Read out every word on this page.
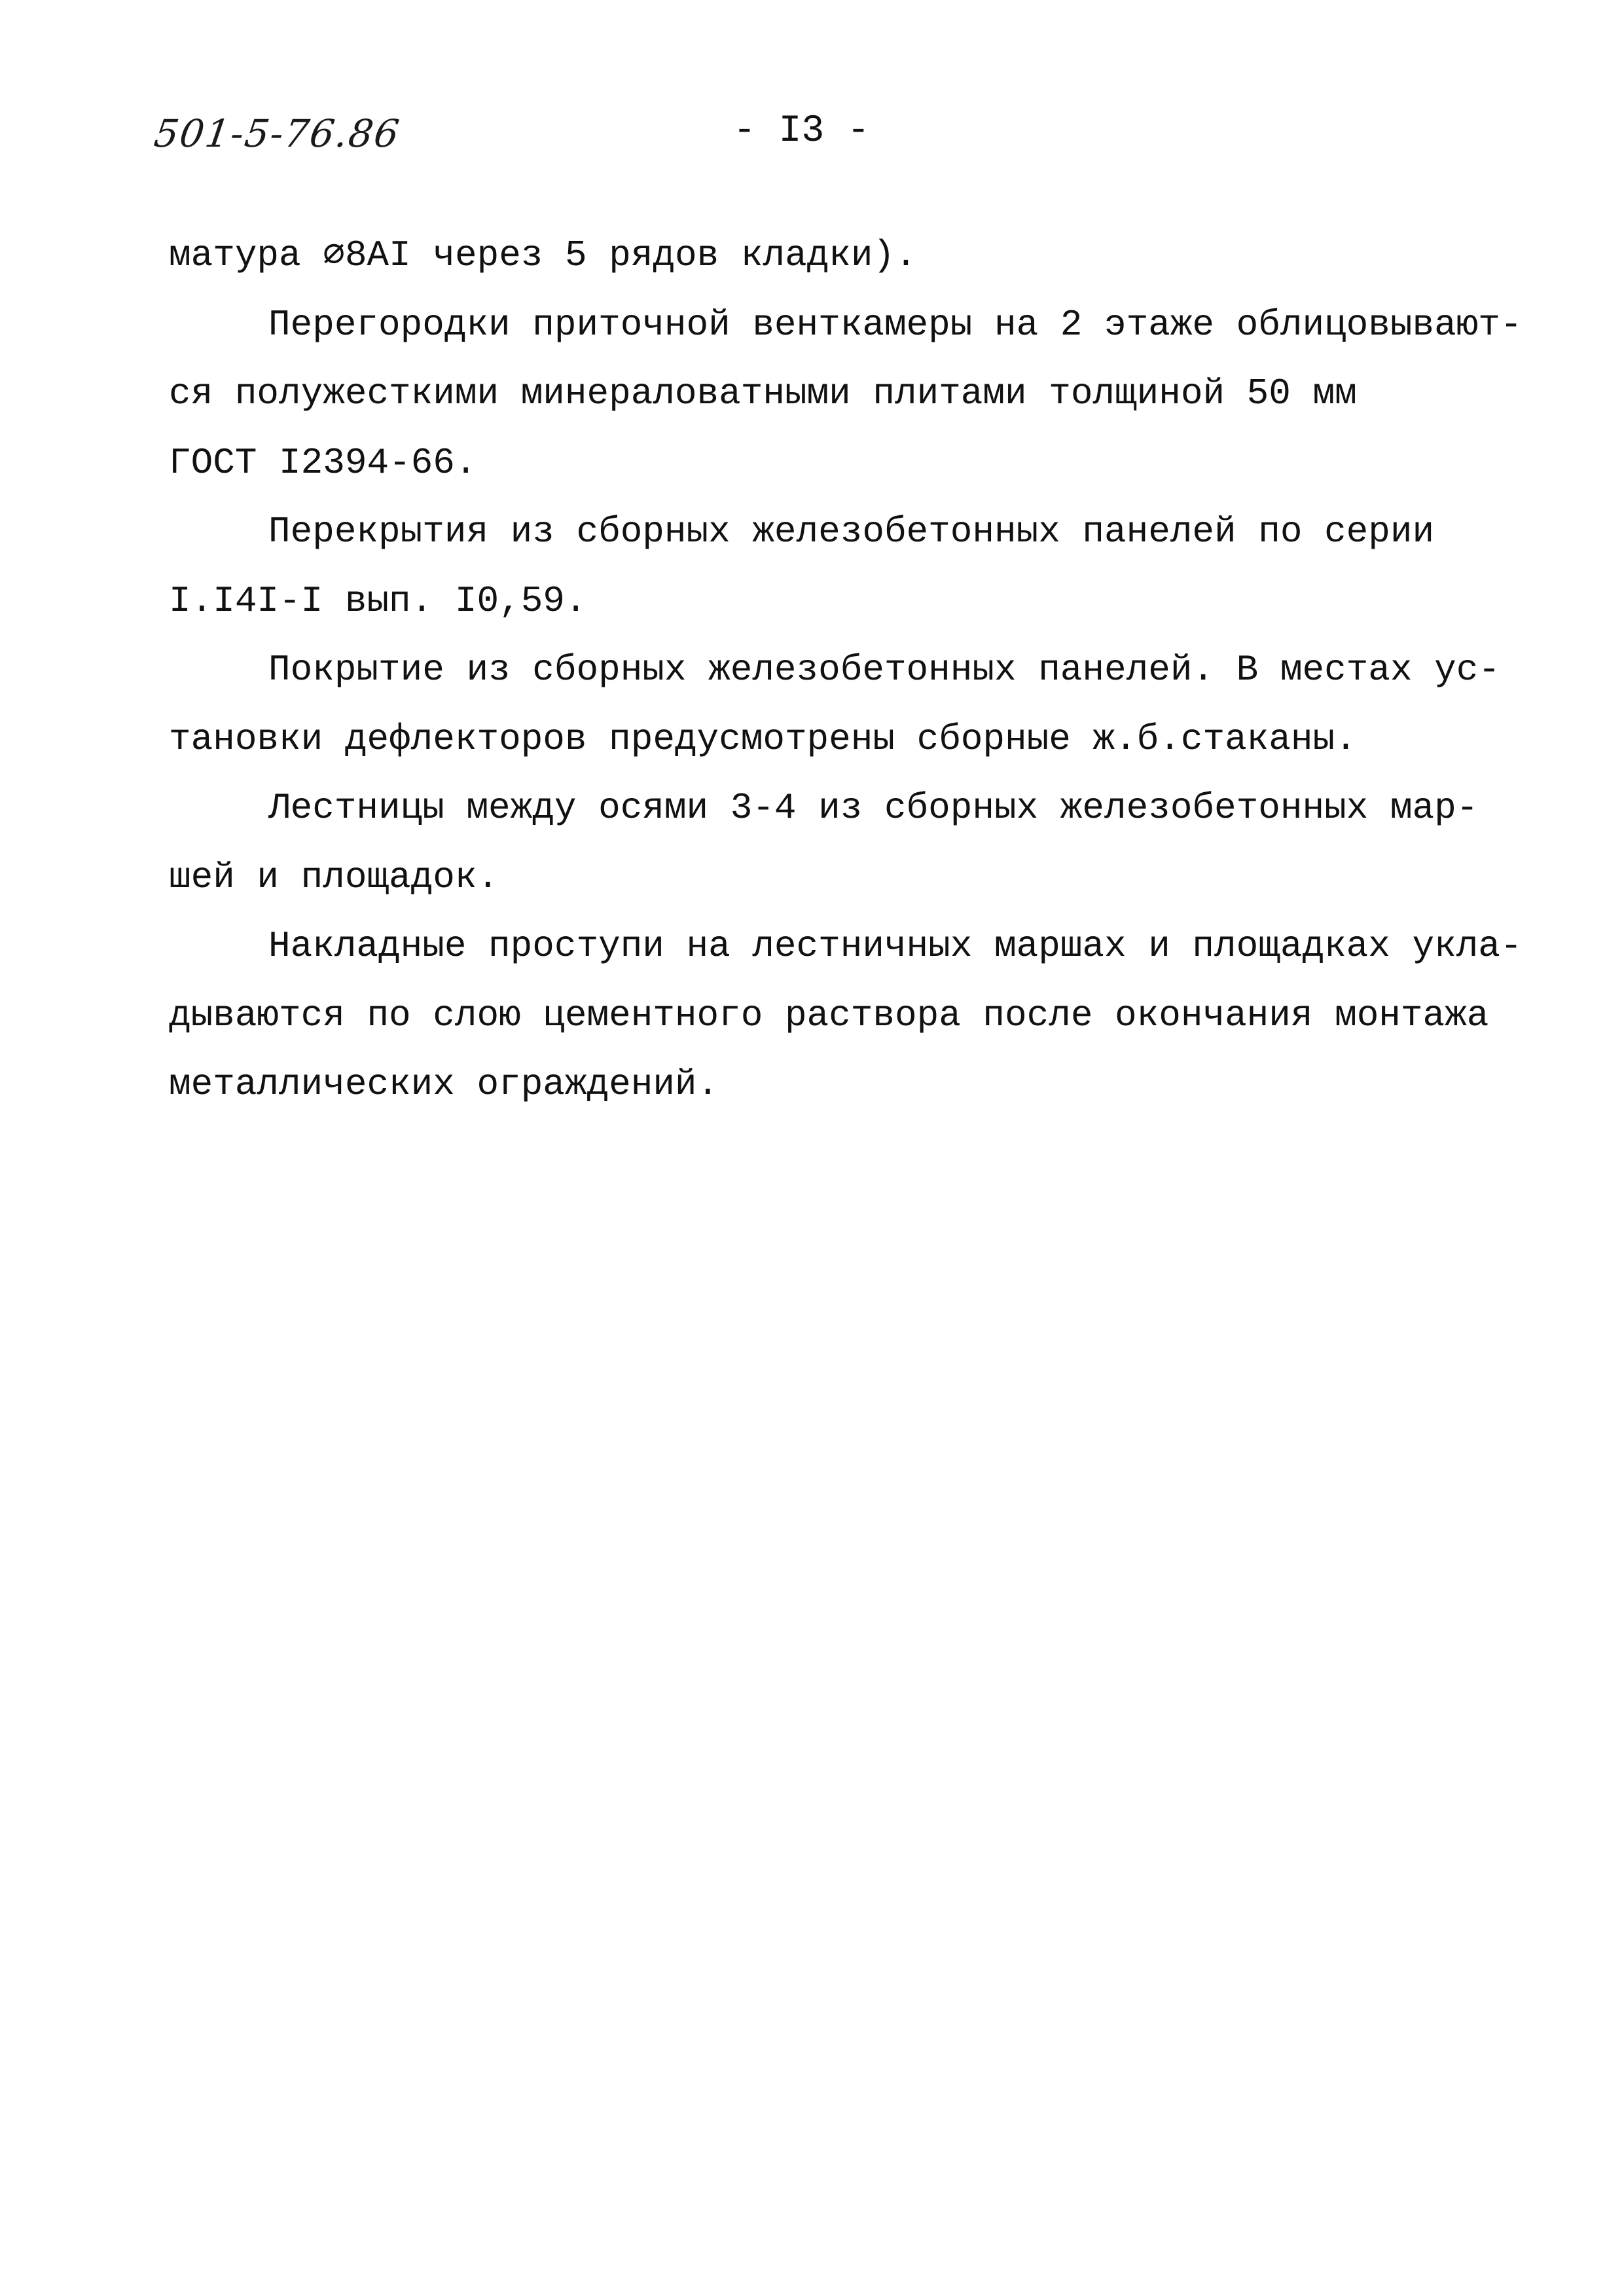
501-5-76.86	- I3 -
матура ∅8AI через 5 рядов кладки).
Перегородки приточной венткамеры на 2 этаже облицовывают-
ся полужесткими минераловатными плитами толщиной 50 мм
ГОСТ I2394-66.
Перекрытия из сборных железобетонных панелей по серии
I.I4I-I вып. I0,59.
Покрытие из сборных железобетонных панелей. В местах ус-
тановки дефлекторов предусмотрены сборные ж.б.стаканы.
Лестницы между осями 3-4 из сборных железобетонных мар-
шей и площадок.
Накладные проступи на лестничных маршах и площадках укла-
дываются по слою цементного раствора после окончания монтажа
металлических ограждений.
